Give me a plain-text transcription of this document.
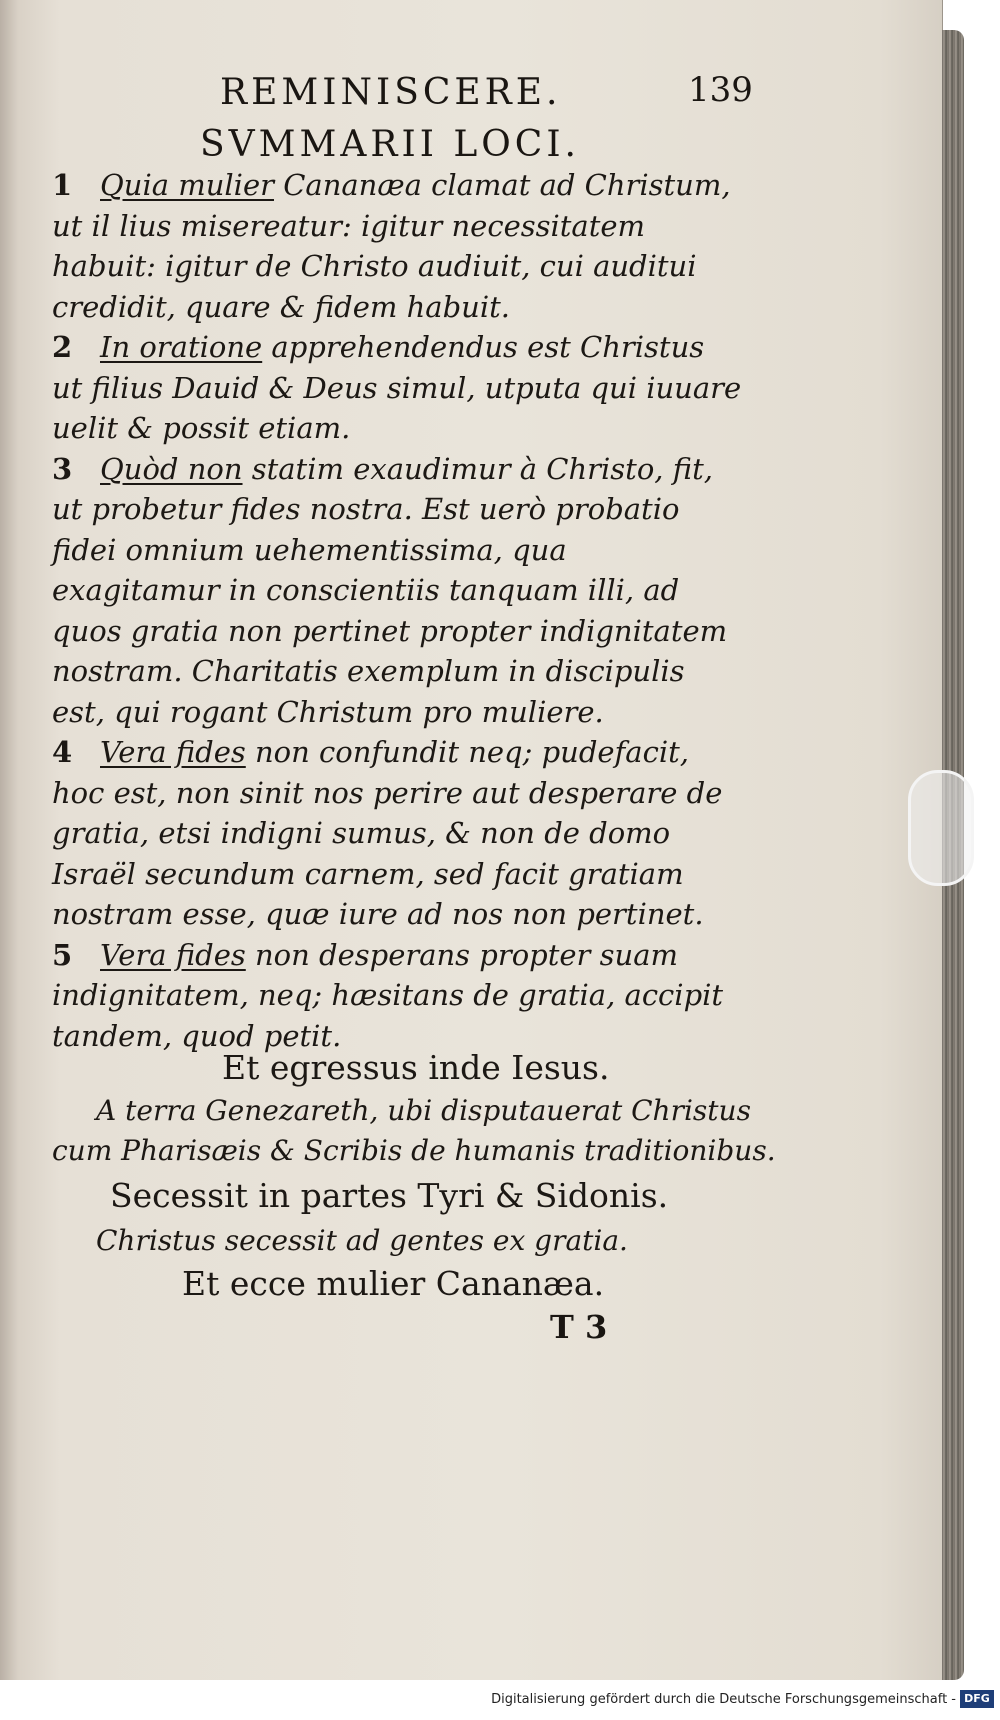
REMINISCERE.	139
SVMMARII LOCI.

1 Quia mulier Cananæa clamat ad Christum, ut il lius misereatur: igitur necessitatem habuit: igitur de Christo audiuit, cui auditui credidit, quare & fidem habuit.

2 In oratione apprehendendus est Christus ut filius Dauid & Deus simul, utputa qui iuuare uelit & possit etiam.

3 Quòd non statim exaudimur à Christo, fit, ut probetur fides nostra. Est uerò probatio fidei omnium uehementissima, qua exagitamur in conscientiis tanquam illi, ad quos gratia non pertinet propter indignitatem nostram. Charitatis exemplum in discipulis est, qui rogant Christum pro muliere.

4 Vera fides non confundit neq; pudefacit, hoc est, non sinit nos perire aut desperare de gratia, etsi indigni sumus, & non de domo Israël secundum carnem, sed facit gratiam nostram esse, quæ iure ad nos non pertinet.

5 Vera fides non desperans propter suam indignitatem, neq; hæsitans de gratia, accipit tandem, quod petit.

Et egressus inde Iesus.
A terra Genezareth, ubi disputauerat Christus
cum Pharisæis & Scribis de humanis traditionibus.
Secessit in partes Tyri & Sidonis.
Christus secessit ad gentes ex gratia.
Et ecce mulier Cananæa.
T 3
Digitalisierung gefördert durch die Deutsche Forschungsgemeinschaft - DFG
